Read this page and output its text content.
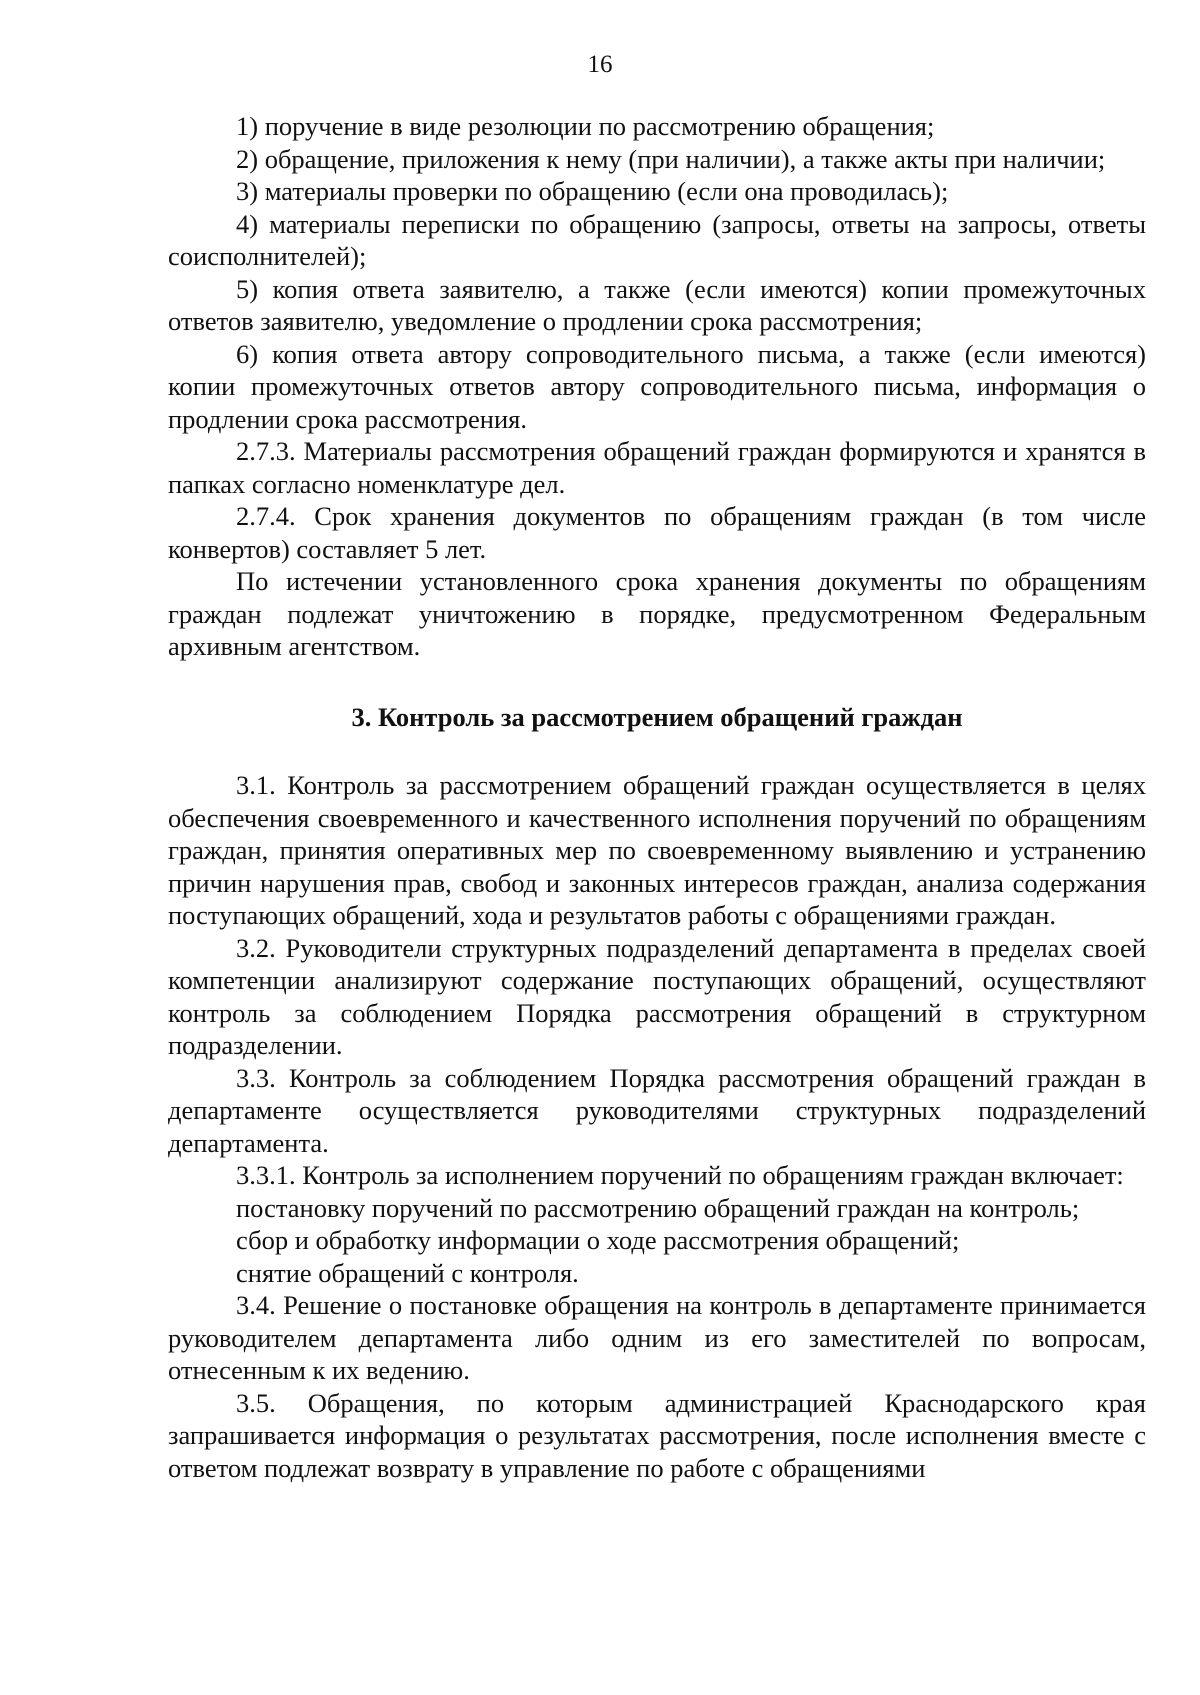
16

1) поручение в виде резолюции по рассмотрению обращения;

2) обращение, приложения к нему (при наличии), а также акты при наличии;

3) материалы проверки по обращению (если она проводилась);

4) материалы переписки по обращению (запросы, ответы на запросы, ответы соисполнителей);

5) копия ответа заявителю, а также (если имеются) копии промежуточных ответов заявителю, уведомление о продлении срока рассмотрения;

6) копия ответа автору сопроводительного письма, а также (если имеются) копии промежуточных ответов автору сопроводительного письма, информация о продлении срока рассмотрения.

2.7.3. Материалы рассмотрения обращений граждан формируются и хранятся в папках согласно номенклатуре дел.

2.7.4. Срок хранения документов по обращениям граждан (в том числе конвертов) составляет 5 лет.

По истечении установленного срока хранения документы по обращениям граждан подлежат уничтожению в порядке, предусмотренном Федеральным архивным агентством.

3. Контроль за рассмотрением обращений граждан

3.1. Контроль за рассмотрением обращений граждан осуществляется в целях обеспечения своевременного и качественного исполнения поручений по обращениям граждан, принятия оперативных мер по своевременному выявлению и устранению причин нарушения прав, свобод и законных интересов граждан, анализа содержания поступающих обращений, хода и результатов работы с обращениями граждан.

3.2. Руководители структурных подразделений департамента в пределах своей компетенции анализируют содержание поступающих обращений, осуществляют контроль за соблюдением Порядка рассмотрения обращений в структурном подразделении.

3.3. Контроль за соблюдением Порядка рассмотрения обращений граждан в департаменте осуществляется руководителями структурных подразделений департамента.

3.3.1. Контроль за исполнением поручений по обращениям граждан включает:

постановку поручений по рассмотрению обращений граждан на контроль;

сбор и обработку информации о ходе рассмотрения обращений;

снятие обращений с контроля.

3.4. Решение о постановке обращения на контроль в департаменте принимается руководителем департамента либо одним из его заместителей по вопросам, отнесенным к их ведению.

3.5. Обращения, по которым администрацией Краснодарского края запрашивается информация о результатах рассмотрения, после исполнения вместе с ответом подлежат возврату в управление по работе с обращениями
